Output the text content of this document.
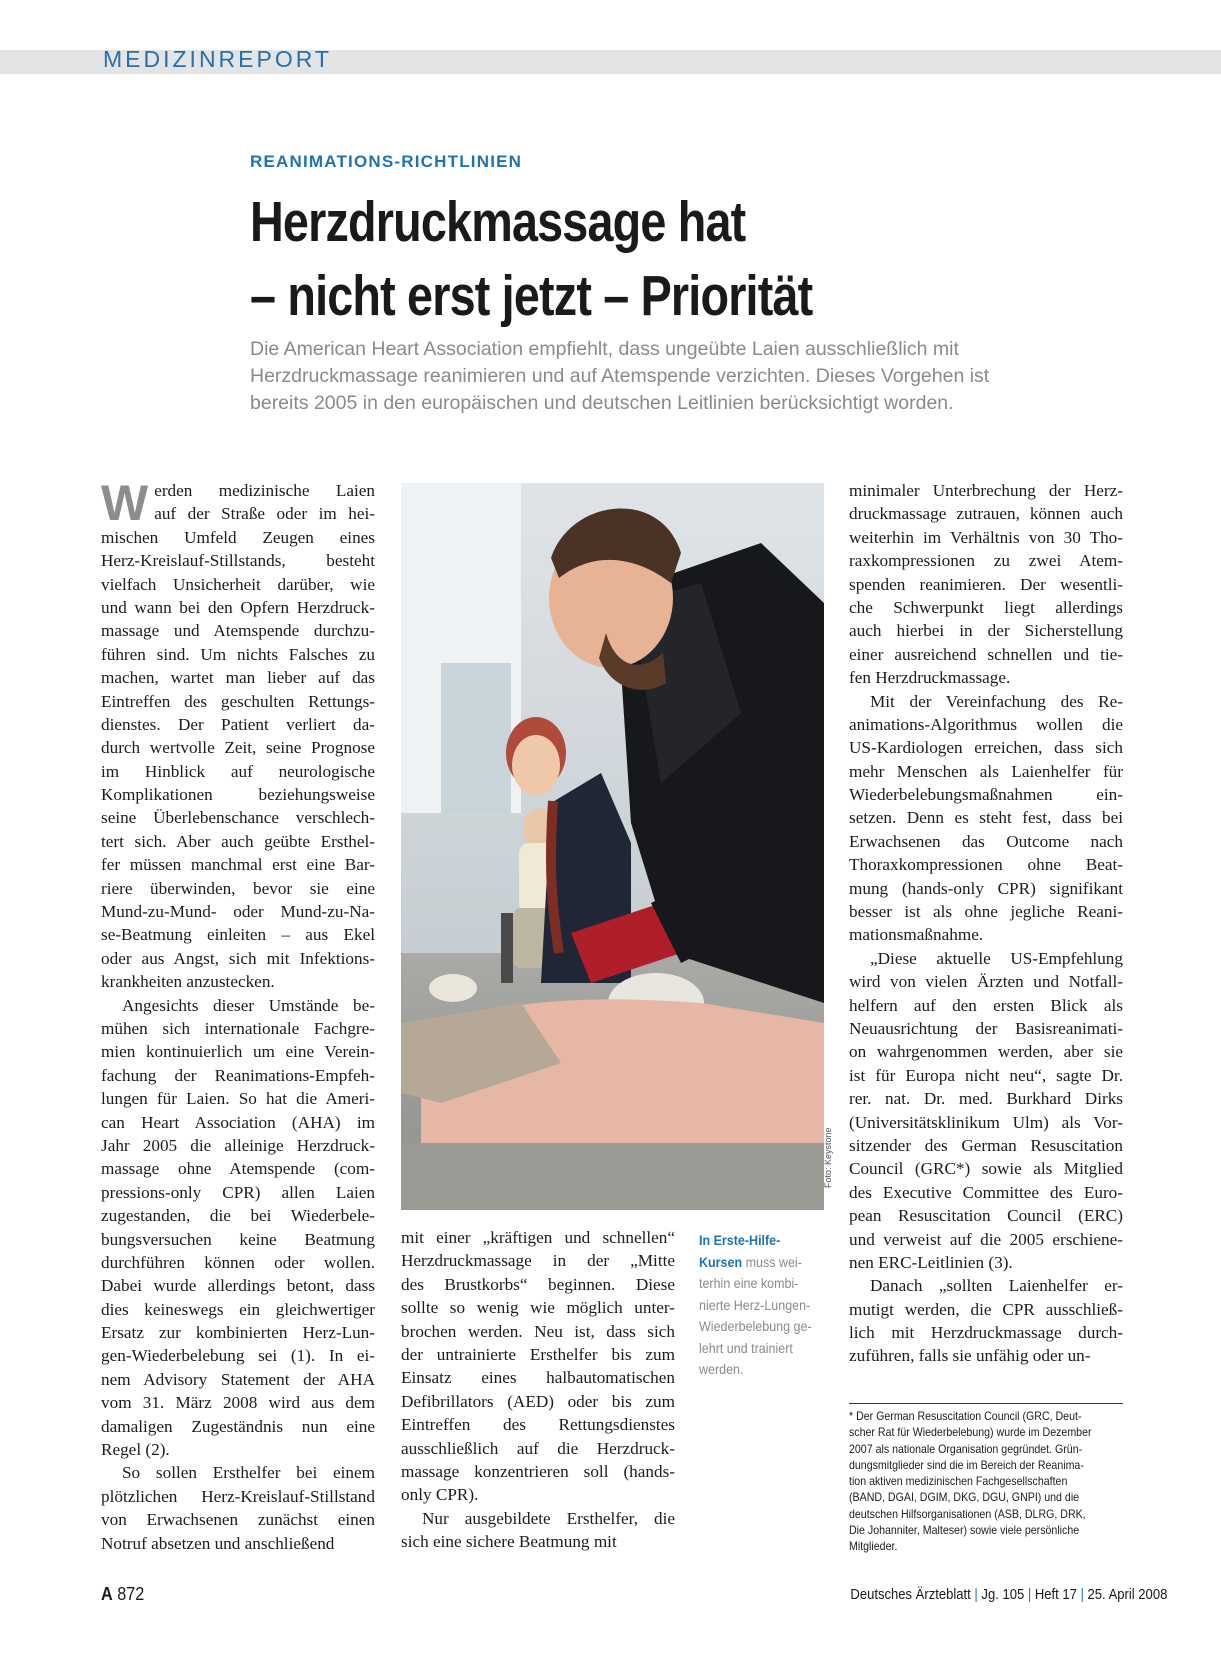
MEDIZINREPORT
REANIMATIONS-RICHTLINIEN
Herzdruckmassage hat
– nicht erst jetzt – Priorität
Die American Heart Association empfiehlt, dass ungeübte Laien ausschließlich mit
Herzdruckmassage reanimieren und auf Atemspende verzichten. Dieses Vorgehen ist
bereits 2005 in den europäischen und deutschen Leitlinien berücksichtigt worden.
W erden medizinische Laien
auf der Straße oder im hei-
mischen Umfeld Zeugen eines
Herz-Kreislauf-Stillstands, besteht
vielfach Unsicherheit darüber, wie
und wann bei den Opfern Herzdruck-
massage und Atemspende durchzu-
führen sind. Um nichts Falsches zu
machen, wartet man lieber auf das
Eintreffen des geschulten Rettungs-
dienstes. Der Patient verliert da-
durch wertvolle Zeit, seine Prognose
im Hinblick auf neurologische
Komplikationen beziehungsweise
seine Überlebenschance verschlech-
tert sich. Aber auch geübte Ersthel-
fer müssen manchmal erst eine Bar-
riere überwinden, bevor sie eine
Mund-zu-Mund- oder Mund-zu-Na-
se-Beatmung einleiten – aus Ekel
oder aus Angst, sich mit Infektions-
krankheiten anzustecken.
Angesichts dieser Umstände be-
mühen sich internationale Fachgre-
mien kontinuierlich um eine Verein-
fachung der Reanimations-Empfeh-
lungen für Laien. So hat die Ameri-
can Heart Association (AHA) im
Jahr 2005 die alleinige Herzdruck-
massage ohne Atemspende (com-
pressions-only CPR) allen Laien
zugestanden, die bei Wiederbele-
bungsversuchen keine Beatmung
durchführen können oder wollen.
Dabei wurde allerdings betont, dass
dies keineswegs ein gleichwertiger
Ersatz zur kombinierten Herz-Lun-
gen-Wiederbelebung sei (1). In ei-
nem Advisory Statement der AHA
vom 31. März 2008 wird aus dem
damaligen Zugeständnis nun eine
Regel (2).
So sollen Ersthelfer bei einem
plötzlichen Herz-Kreislauf-Stillstand
von Erwachsenen zunächst einen
Notruf absetzen und anschließend
Foto: Keystone
mit einer „kräftigen und schnellen“
Herzdruckmassage in der „Mitte
des Brustkorbs“ beginnen. Diese
sollte so wenig wie möglich unter-
brochen werden. Neu ist, dass sich
der untrainierte Ersthelfer bis zum
Einsatz eines halbautomatischen
Defibrillators (AED) oder bis zum
Eintreffen des Rettungsdienstes
ausschließlich auf die Herzdruck-
massage konzentrieren soll (hands-
only CPR).
Nur ausgebildete Ersthelfer, die
sich eine sichere Beatmung mit
In Erste-Hilfe-
Kursen muss wei-
terhin eine kombi-
nierte Herz-Lungen-
Wiederbelebung ge-
lehrt und trainiert
werden.
minimaler Unterbrechung der Herz-
druckmassage zutrauen, können auch
weiterhin im Verhältnis von 30 Tho-
raxkompressionen zu zwei Atem-
spenden reanimieren. Der wesentli-
che Schwerpunkt liegt allerdings
auch hierbei in der Sicherstellung
einer ausreichend schnellen und tie-
fen Herzdruckmassage.
Mit der Vereinfachung des Re-
animations-Algorithmus wollen die
US-Kardiologen erreichen, dass sich
mehr Menschen als Laienhelfer für
Wiederbelebungsmaßnahmen ein-
setzen. Denn es steht fest, dass bei
Erwachsenen das Outcome nach
Thoraxkompressionen ohne Beat-
mung (hands-only CPR) signifikant
besser ist als ohne jegliche Reani-
mationsmaßnahme.
„Diese aktuelle US-Empfehlung
wird von vielen Ärzten und Notfall-
helfern auf den ersten Blick als
Neuausrichtung der Basisreanimati-
on wahrgenommen werden, aber sie
ist für Europa nicht neu“, sagte Dr.
rer. nat. Dr. med. Burkhard Dirks
(Universitätsklinikum Ulm) als Vor-
sitzender des German Resuscitation
Council (GRC*) sowie als Mitglied
des Executive Committee des Euro-
pean Resuscitation Council (ERC)
und verweist auf die 2005 erschiene-
nen ERC-Leitlinien (3).
Danach „sollten Laienhelfer er-
mutigt werden, die CPR ausschließ-
lich mit Herzdruckmassage durch-
zuführen, falls sie unfähig oder un-
* Der German Resuscitation Council (GRC, Deut-
scher Rat für Wiederbelebung) wurde im Dezember
2007 als nationale Organisation gegründet. Grün-
dungsmitglieder sind die im Bereich der Reanima-
tion aktiven medizinischen Fachgesellschaften
(BAND, DGAI, DGIM, DKG, DGU, GNPI) und die
deutschen Hilfsorganisationen (ASB, DLRG, DRK,
Die Johanniter, Malteser) sowie viele persönliche
Mitglieder.
A 872	Deutsches Ärzteblatt | Jg. 105 | Heft 17 | 25. April 2008
